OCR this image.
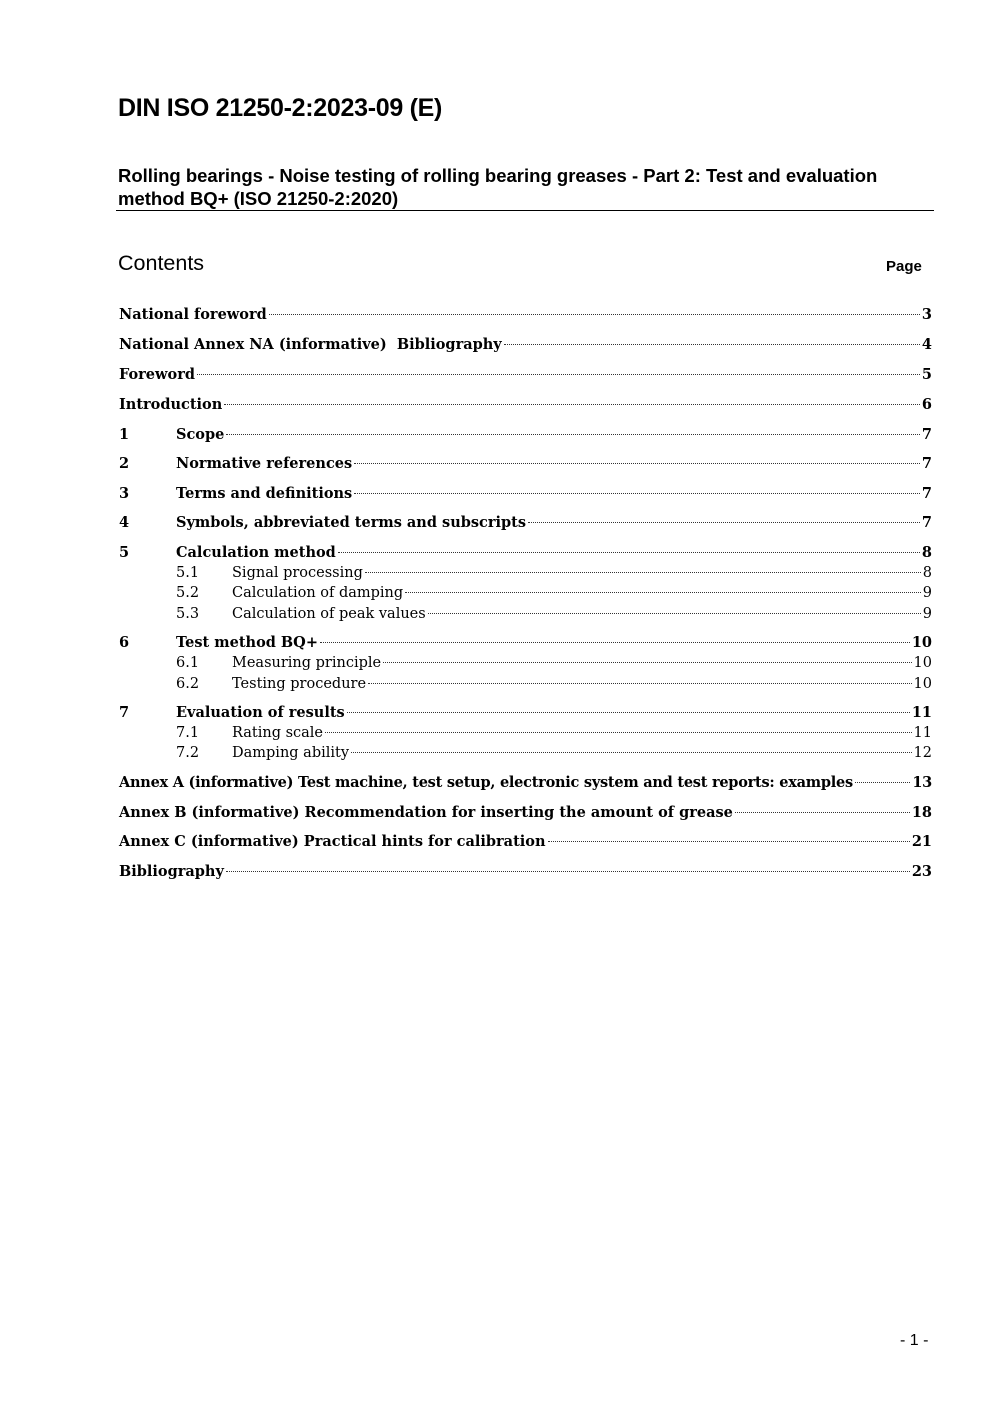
DIN ISO 21250-2:2023-09 (E)
Rolling bearings - Noise testing of rolling bearing greases - Part 2: Test and evaluation method BQ+ (ISO 21250-2:2020)
Contents	Page
National foreword	3
National Annex NA (informative)  Bibliography	4
Foreword	5
Introduction	6
1	Scope	7
2	Normative references	7
3	Terms and definitions	7
4	Symbols, abbreviated terms and subscripts	7
5	Calculation method	8
5.1	Signal processing	8
5.2	Calculation of damping	9
5.3	Calculation of peak values	9
6	Test method BQ+	10
6.1	Measuring principle	10
6.2	Testing procedure	10
7	Evaluation of results	11
7.1	Rating scale	11
7.2	Damping ability	12
Annex A (informative) Test machine, test setup, electronic system and test reports: examples	13
Annex B (informative) Recommendation for inserting the amount of grease	18
Annex C (informative) Practical hints for calibration	21
Bibliography	23
- 1 -
